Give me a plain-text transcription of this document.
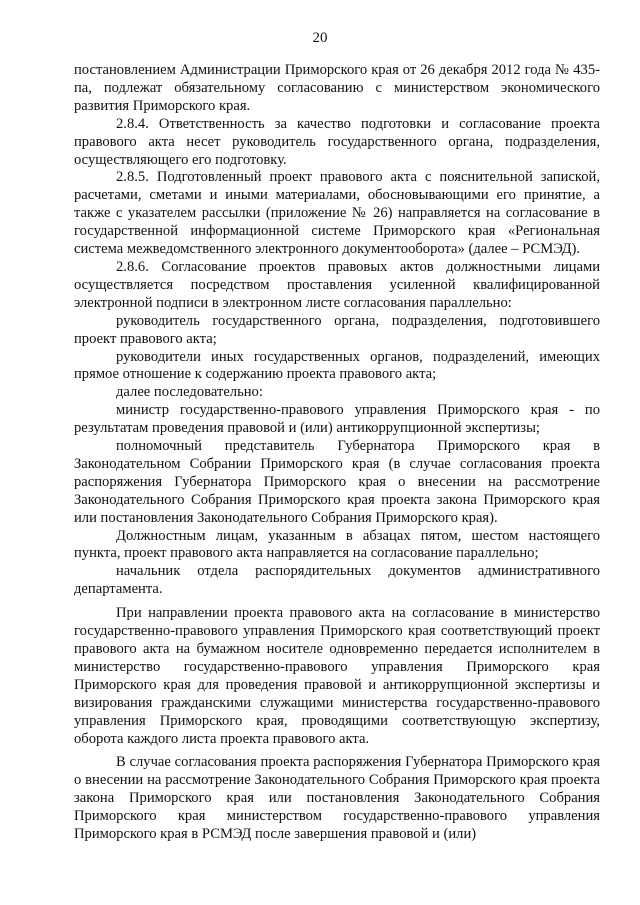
20

постановлением Администрации Приморского края от 26 декабря 2012 года № 435-па, подлежат обязательному согласованию с министерством экономического развития Приморского края.

2.8.4. Ответственность за качество подготовки и согласование проекта правового акта несет руководитель государственного органа, подразделения, осуществляющего его подготовку.

2.8.5. Подготовленный проект правового акта с пояснительной запиской, расчетами, сметами и иными материалами, обосновывающими его принятие, а также с указателем рассылки (приложение № 26) направляется на согласование в государственной информационной системе Приморского края «Региональная система межведомственного электронного документооборота» (далее – РСМЭД).

2.8.6. Согласование проектов правовых актов должностными лицами осуществляется посредством проставления усиленной квалифицированной электронной подписи в электронном листе согласования параллельно:

руководитель государственного органа, подразделения, подготовившего проект правового акта;

руководители иных государственных органов, подразделений, имеющих прямое отношение к содержанию проекта правового акта;

далее последовательно:

министр государственно-правового управления Приморского края - по результатам проведения правовой и (или) антикоррупционной экспертизы;

полномочный представитель Губернатора Приморского края в Законодательном Собрании Приморского края (в случае согласования проекта распоряжения Губернатора Приморского края о внесении на рассмотрение Законодательного Собрания Приморского края проекта закона Приморского края или постановления Законодательного Собрания Приморского края).

Должностным лицам, указанным в абзацах пятом, шестом настоящего пункта, проект правового акта направляется на согласование параллельно;

начальник отдела распорядительных документов административного департамента.

При направлении проекта правового акта на согласование в министерство государственно-правового управления Приморского края соответствующий проект правового акта на бумажном носителе одновременно передается исполнителем в министерство государственно-правового управления Приморского края Приморского края для проведения правовой и антикоррупционной экспертизы и визирования гражданскими служащими министерства государственно-правового управления Приморского края, проводящими соответствующую экспертизу, оборота каждого листа проекта правового акта.

В случае согласования проекта распоряжения Губернатора Приморского края о внесении на рассмотрение Законодательного Собрания Приморского края проекта закона Приморского края или постановления Законодательного Собрания Приморского края министерством государственно-правового управления Приморского края в РСМЭД после завершения правовой и (или)
